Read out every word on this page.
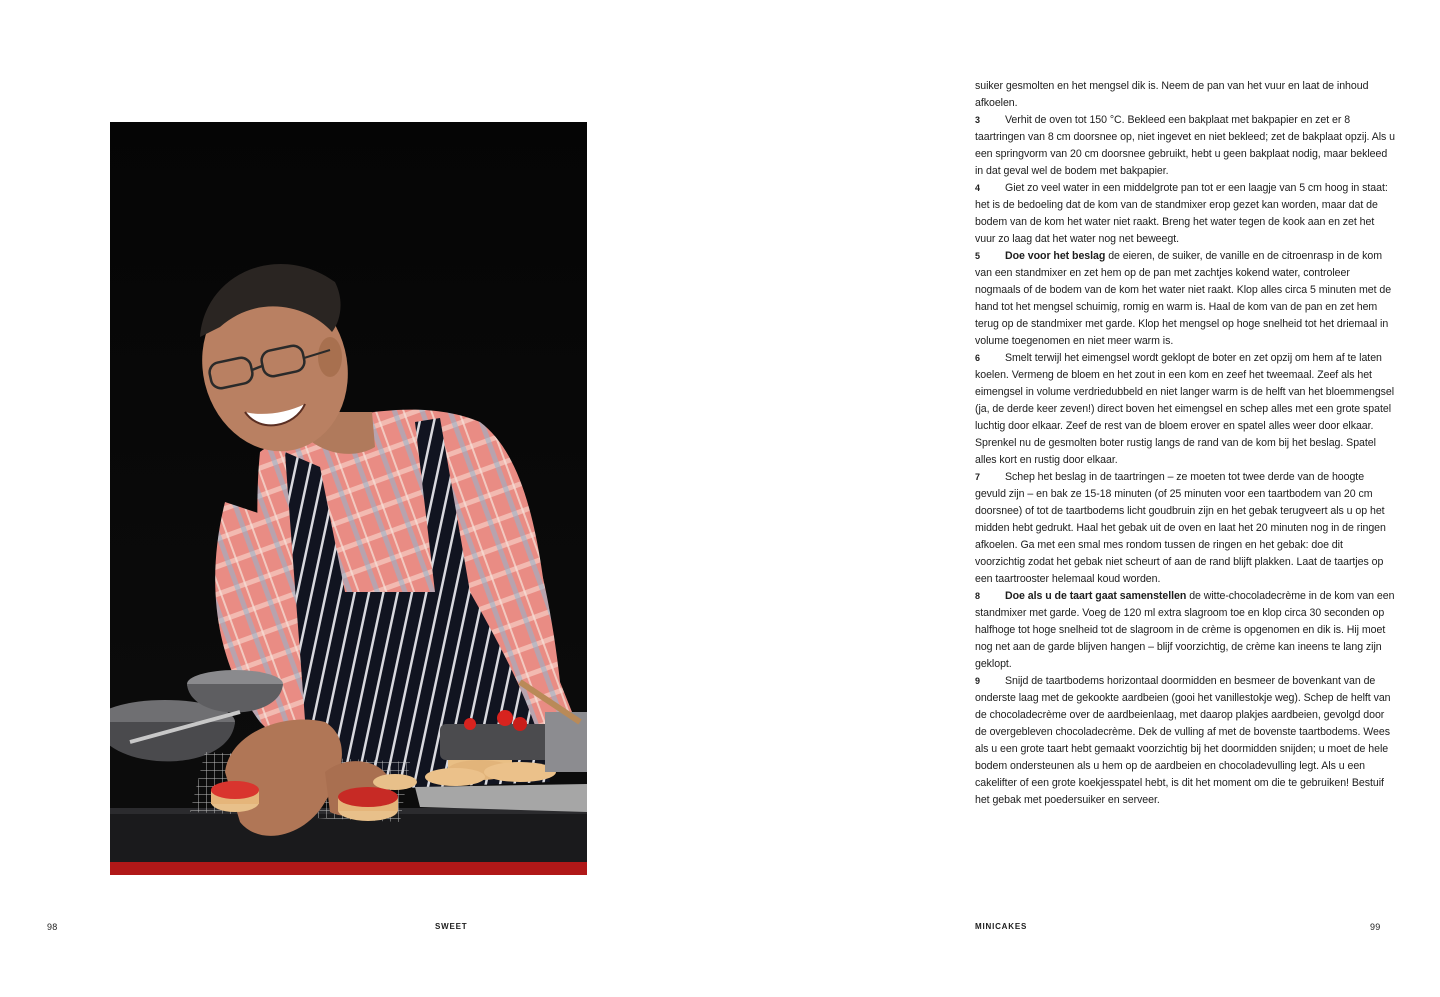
98	SWEET

suiker gesmolten en het mengsel dik is. Neem de pan van het vuur en laat de inhoud afkoelen.

3 Verhit de oven tot 150 °C. Bekleed een bakplaat met bakpapier en zet er 8 taartringen van 8 cm doorsnee op, niet ingevet en niet bekleed; zet de bakplaat opzij. Als u een springvorm van 20 cm doorsnee gebruikt, hebt u geen bakplaat nodig, maar bekleed in dat geval wel de bodem met bakpapier.

4 Giet zo veel water in een middelgrote pan tot er een laagje van 5 cm hoog in staat: het is de bedoeling dat de kom van de standmixer erop gezet kan worden, maar dat de bodem van de kom het water niet raakt. Breng het water tegen de kook aan en zet het vuur zo laag dat het water nog net beweegt.

5 Doe voor het beslag de eieren, de suiker, de vanille en de citroenrasp in de kom van een standmixer en zet hem op de pan met zachtjes kokend water, controleer nogmaals of de bodem van de kom het water niet raakt. Klop alles circa 5 minuten met de hand tot het mengsel schuimig, romig en warm is. Haal de kom van de pan en zet hem terug op de standmixer met garde. Klop het mengsel op hoge snelheid tot het driemaal in volume toegenomen en niet meer warm is.

6 Smelt terwijl het eimengsel wordt geklopt de boter en zet opzij om hem af te laten koelen. Vermeng de bloem en het zout in een kom en zeef het tweemaal. Zeef als het eimengsel in volume verdriedubbeld en niet langer warm is de helft van het bloemmengsel (ja, de derde keer zeven!) direct boven het eimengsel en schep alles met een grote spatel luchtig door elkaar. Zeef de rest van de bloem erover en spatel alles weer door elkaar. Sprenkel nu de gesmolten boter rustig langs de rand van de kom bij het beslag. Spatel alles kort en rustig door elkaar.

7 Schep het beslag in de taartringen – ze moeten tot twee derde van de hoogte gevuld zijn – en bak ze 15-18 minuten (of 25 minuten voor een taartbodem van 20 cm doorsnee) of tot de taartbodems licht goudbruin zijn en het gebak terugveert als u op het midden hebt gedrukt. Haal het gebak uit de oven en laat het 20 minuten nog in de ringen afkoelen. Ga met een smal mes rondom tussen de ringen en het gebak: doe dit voorzichtig zodat het gebak niet scheurt of aan de rand blijft plakken. Laat de taartjes op een taartrooster helemaal koud worden.

8 Doe als u de taart gaat samenstellen de witte-chocoladecrème in de kom van een standmixer met garde. Voeg de 120 ml extra slagroom toe en klop circa 30 seconden op halfhoge tot hoge snelheid tot de slagroom in de crème is opgenomen en dik is. Hij moet nog net aan de garde blijven hangen – blijf voorzichtig, de crème kan ineens te lang zijn geklopt.

9 Snijd de taartbodems horizontaal doormidden en besmeer de bovenkant van de onderste laag met de gekookte aardbeien (gooi het vanillestokje weg). Schep de helft van de chocoladecrème over de aardbeienlaag, met daarop plakjes aardbeien, gevolgd door de overgebleven chocoladecrème. Dek de vulling af met de bovenste taartbodems. Wees als u een grote taart hebt gemaakt voorzichtig bij het doormidden snijden; u moet de hele bodem ondersteunen als u hem op de aardbeien en chocoladevulling legt. Als u een cakelifter of een grote koekjesspatel hebt, is dit het moment om die te gebruiken! Bestuif het gebak met poedersuiker en serveer.

MINICAKES	99
